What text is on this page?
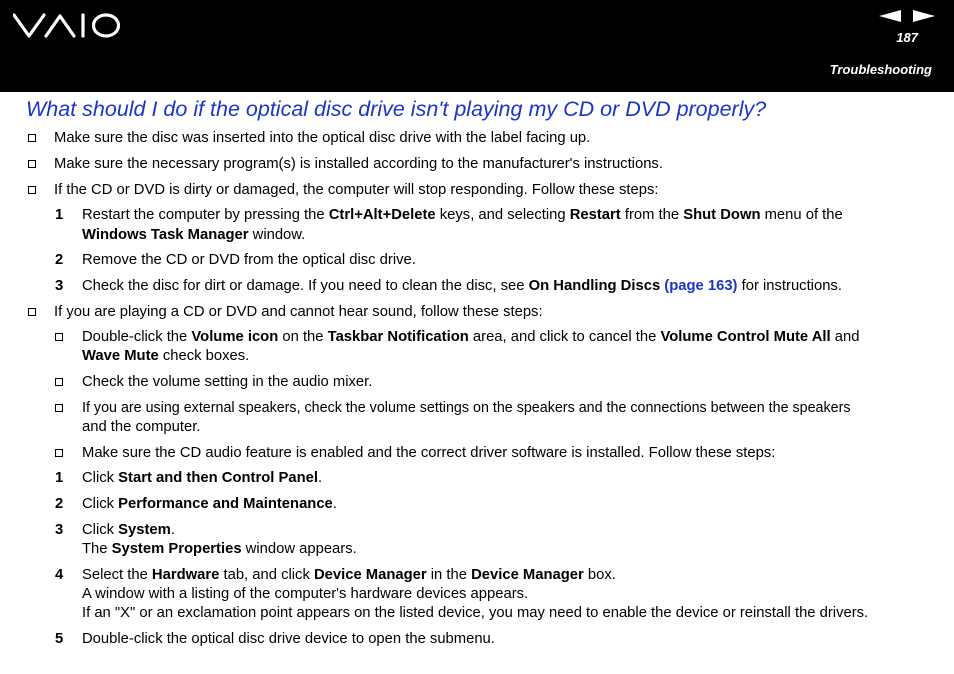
187
Troubleshooting
What should I do if the optical disc drive isn't playing my CD or DVD properly?
Make sure the disc was inserted into the optical disc drive with the label facing up.
Make sure the necessary program(s) is installed according to the manufacturer's instructions.
If the CD or DVD is dirty or damaged, the computer will stop responding. Follow these steps:
1 Restart the computer by pressing the Ctrl+Alt+Delete keys, and selecting Restart from the Shut Down menu of the
Windows Task Manager window.
2 Remove the CD or DVD from the optical disc drive.
3 Check the disc for dirt or damage. If you need to clean the disc, see On Handling Discs (page 163) for instructions.
If you are playing a CD or DVD and cannot hear sound, follow these steps:
Double-click the Volume icon on the Taskbar Notification area, and click to cancel the Volume Control Mute All and
Wave Mute check boxes.
Check the volume setting in the audio mixer.
If you are using external speakers, check the volume settings on the speakers and the connections between the speakers
and the computer.
Make sure the CD audio feature is enabled and the correct driver software is installed. Follow these steps:
1 Click Start and then Control Panel.
2 Click Performance and Maintenance.
3 Click System.
The System Properties window appears.
4 Select the Hardware tab, and click Device Manager in the Device Manager box.
A window with a listing of the computer's hardware devices appears.
If an "X" or an exclamation point appears on the listed device, you may need to enable the device or reinstall the drivers.
5 Double-click the optical disc drive device to open the submenu.
